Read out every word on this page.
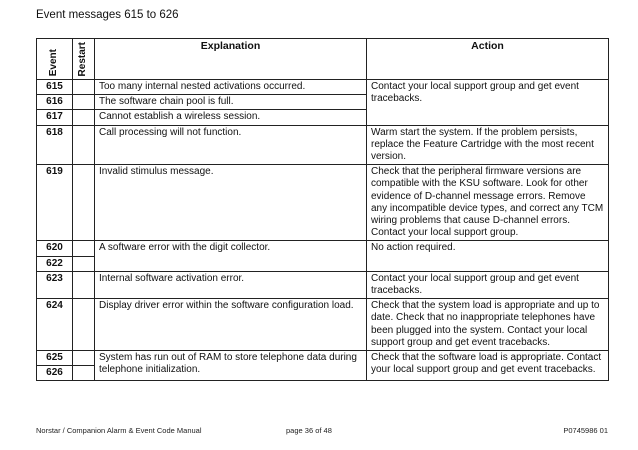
Event messages 615 to 626
Event	Restart	Explanation	Action
615		Too many internal nested activations occurred.	Contact your local support group and get event tracebacks.
616		The software chain pool is full.	
617		Cannot establish a wireless session.	
618		Call processing will not function.	Warm start the system. If the problem persists, replace the Feature Cartridge with the most recent version.
619		Invalid stimulus message.	Check that the peripheral firmware versions are compatible with the KSU software. Look for other evidence of D-channel message errors. Remove any incompatible device types, and correct any TCM wiring problems that cause D-channel errors. Contact your local support group.
620		A software error with the digit collector.	No action required.
622			
623		Internal software activation error.	Contact your local support group and get event tracebacks.
624		Display driver error within the software configuration load.	Check that the system load is appropriate and up to date. Check that no inappropriate telephones have been plugged into the system. Contact your local support group and get event tracebacks.
625		System has run out of RAM to store telephone data during telephone initialization.	Check that the software load is appropriate. Contact your local support group and get event tracebacks.
626			
Norstar / Companion Alarm & Event Code Manual	page 36 of 48	P0745986 01
